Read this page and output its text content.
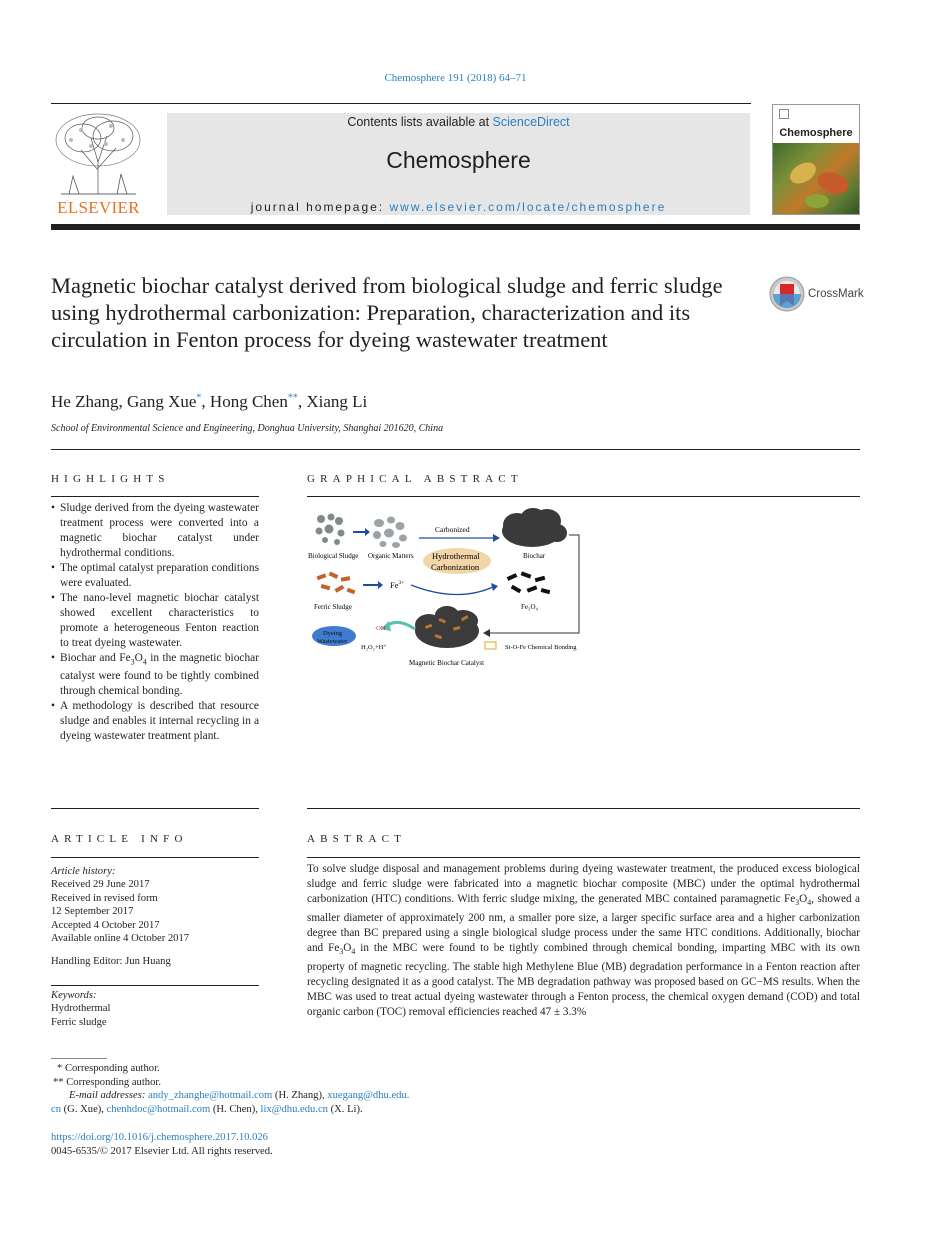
Chemosphere 191 (2018) 64–71
ELSEVIER
Contents lists available at ScienceDirect
Chemosphere
journal homepage: www.elsevier.com/locate/chemosphere
Chemosphere
Magnetic biochar catalyst derived from biological sludge and ferric sludge using hydrothermal carbonization: Preparation, characterization and its circulation in Fenton process for dyeing wastewater treatment
CrossMark
He Zhang, Gang Xue*, Hong Chen**, Xiang Li
School of Environmental Science and Engineering, Donghua University, Shanghai 201620, China
HIGHLIGHTS
• Sludge derived from the dyeing wastewater treatment process were converted into a magnetic biochar catalyst under hydrothermal conditions.
• The optimal catalyst preparation conditions were evaluated.
• The nano-level magnetic biochar catalyst showed excellent characteristics to promote a heterogeneous Fenton reaction to treat dyeing wastewater.
• Biochar and $Fe_3O_4$ in the magnetic biochar catalyst were found to be tightly combined through chemical bonding.
• A methodology is described that resource sludge and enables it internal recycling in a dyeing wastewater treatment plant.
GRAPHICAL ABSTRACT
Biological Sludge Organic Matters
Carbonized
Biochar
Hydrothermal
Carbonization
Ferric Sludge
$Fe^{3+}$
Fe₃O₄
Magnetic Biochar Catalyst
·OH
H₂O₂+H⁺
Dyeing
Wastewater
Si-O-Fe Chemical Bonding
ARTICLE INFO
Article history:
Received 29 June 2017
Received in revised form
12 September 2017
Accepted 4 October 2017
Available online 4 October 2017
Handling Editor: Jun Huang
Keywords:
Hydrothermal
Ferric sludge
ABSTRACT
To solve sludge disposal and management problems during dyeing wastewater treatment, the produced excess biological sludge and ferric sludge were fabricated into a magnetic biochar composite (MBC) under the optimal hydrothermal carbonization (HTC) conditions. With ferric sludge mixing, the generated MBC contained paramagnetic $Fe_3O_4$, showed a smaller diameter of approximately 200 nm, a smaller pore size, a larger specific surface area and a higher carbonization degree than BC prepared using a single biological sludge process under the same HTC conditions. Additionally, biochar and $Fe_3O_4$ in the MBC were found to be tightly combined through chemical bonding, imparting MBC with its own property of magnetic recycling. The stable high Methylene Blue (MB) degradation performance in a Fenton reaction after recycling designated it as a good catalyst. The MB degradation pathway was proposed based on GC−MS results. When the MBC was used to treat actual dyeing wastewater through a Fenton process, the chemical oxygen demand (COD) and total organic carbon (TOC) removal efficiencies reached 47 ± 3.3%
* Corresponding author.
** Corresponding author.
E-mail addresses: andy_zhanghe@hotmail.com (H. Zhang), xuegang@dhu.edu.
cn (G. Xue), chenhdoc@hotmail.com (H. Chen), lix@dhu.edu.cn (X. Li).
https://doi.org/10.1016/j.chemosphere.2017.10.026
0045-6535/© 2017 Elsevier Ltd. All rights reserved.
